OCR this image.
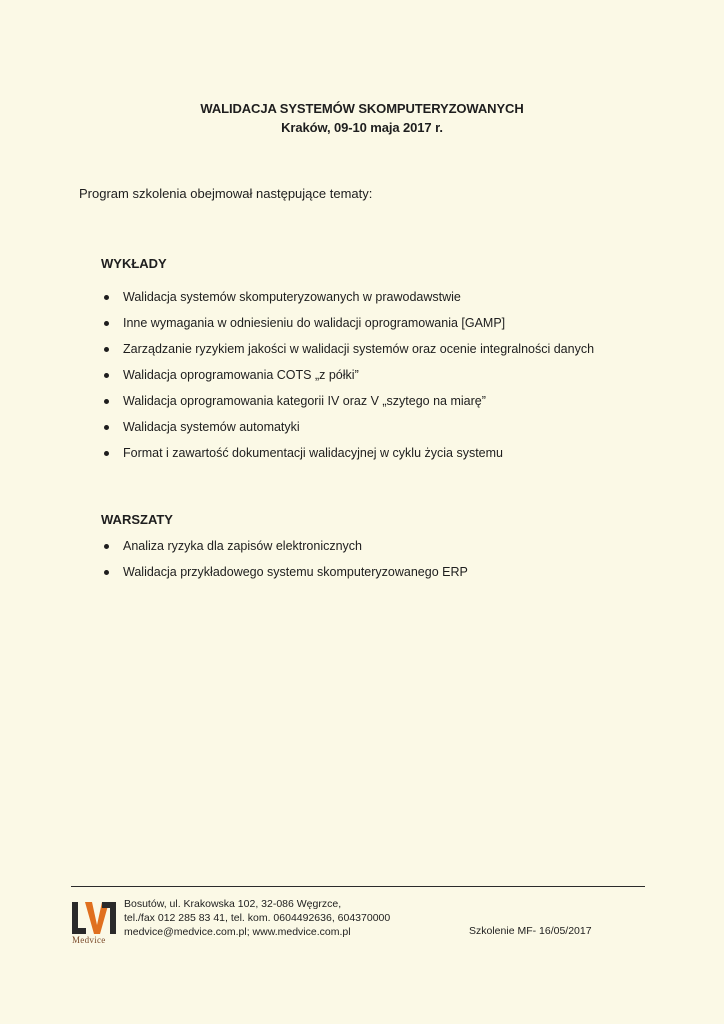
WALIDACJA SYSTEMÓW SKOMPUTERYZOWANYCH
Kraków, 09-10 maja 2017 r.
Program szkolenia obejmował następujące tematy:
WYKŁADY
Walidacja systemów skomputeryzowanych w prawodawstwie
Inne wymagania w odniesieniu do walidacji oprogramowania [GAMP]
Zarządzanie ryzykiem jakości w walidacji systemów oraz ocenie integralności danych
Walidacja oprogramowania COTS „z półki”
Walidacja oprogramowania kategorii IV oraz V „szytego na miarę”
Walidacja systemów automatyki
Format i zawartość dokumentacji walidacyjnej w cyklu życia systemu
WARSZATY
Analiza ryzyka dla zapisów elektronicznych
Walidacja przykładowego systemu skomputeryzowanego ERP
Medvice
Bosutów, ul. Krakowska 102, 32-086 Węgrzce,
tel./fax 012 285 83 41, tel. kom. 0604492636, 604370000
medvice@medvice.com.pl; www.medvice.com.pl	Szkolenie MF- 16/05/2017
